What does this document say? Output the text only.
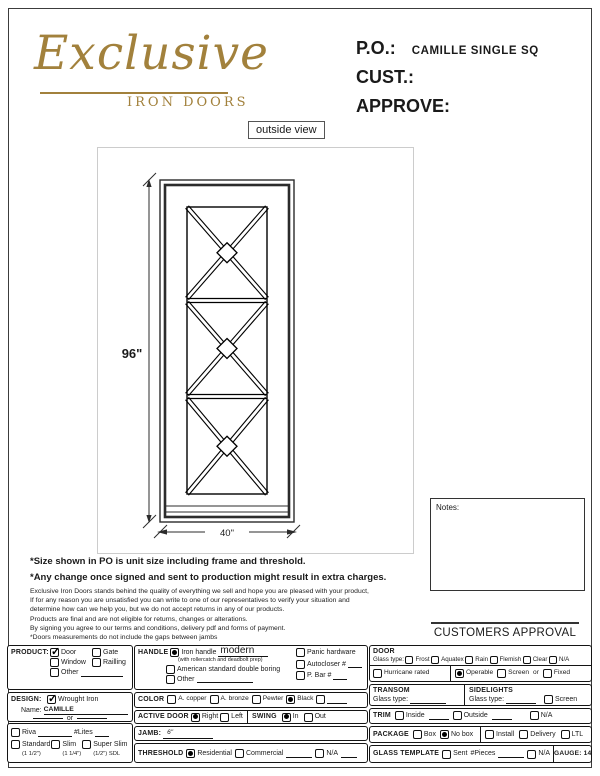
Exclusive
IRON DOORS
P.O.: CAMILLE SINGLE SQ
CUST.:
APPROVE:
outside view
96"
40"
Notes:
*Size shown in PO is unit size including frame and threshold.
*Any change once signed and sent to production might result in extra charges.
Exclusive Iron Doors stands behind the quality of everything we sell and hope you are pleased with your product,
If for any reason you are unsatisfied you can write to one of our representatives to verify your situation and
determine how can we help you, but we do not accept returns in any of our products.
Products are final and are not eligible for returns, changes or alterations.
By signing you agree to our terms and conditions, delivery pdf and forms of payment.
*Doors measurements do not include the gaps between jambs	CUSTOMERS APPROVAL
PRODUCT: ✓ Door	Gate
Window Railling
Other
DESIGN: ✓	Wrought Iron
Name: CAMILLE
or
Riva	#Lites
Standard
(1 1/2")
Slim
(1 1/4")
Super Slim
(1/2") SDL
HANDLE Iron handle modern
(with rollercatch and deadbolt prep)
American standard double boring
Other
Panic hardware
Autocloser #
P. Bar #
COLOR A. copper A. bronze Pewter Black
ACTIVE DOOR Right Left SWING In Out
JAMB: 6"
THRESHOLD Residential Commercial	N/A
DOOR
Glass type: Frost Aquatex Rain Flemish Clear N/A
Hurricane rated	Operable Screen or Fixed
TRANSOM
Glass type:
SIDELIGHTS
Glass type:	Screen
TRIM Inside	Outside	N/A
PACKAGE Box No box	Install Delivery LTL
GLASS TEMPLATE Sent #Pieces	N/A GAUGE: 14
